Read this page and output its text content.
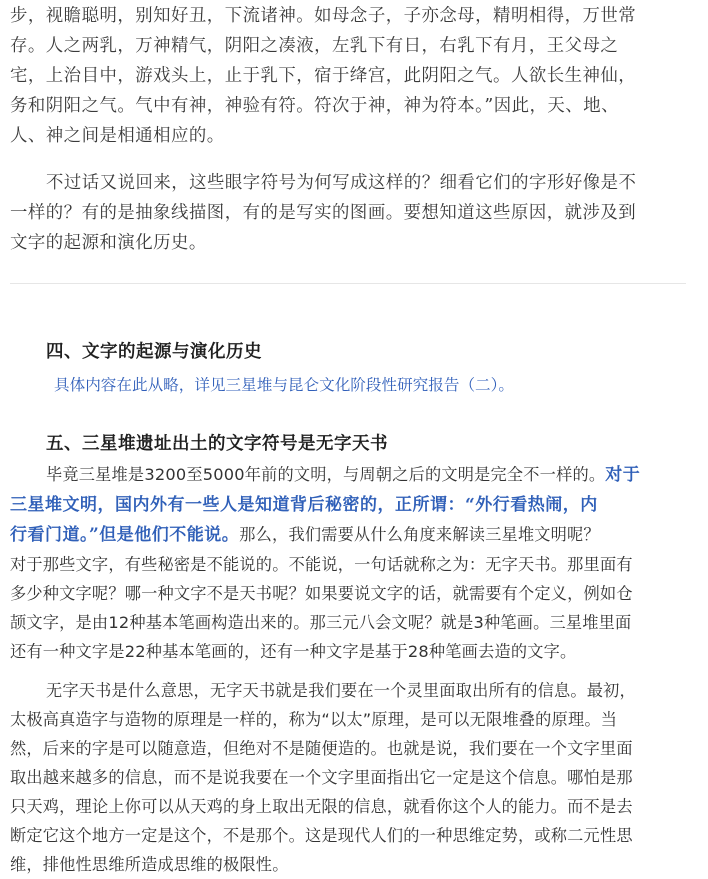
步，视瞻聪明，别知好丑，下流诸神。如母念子，子亦念母，精明相得，万世常
存。人之两乳，万神精气，阴阳之凑液，左乳下有日，右乳下有月，王父母之
宅，上治目中，游戏头上，止于乳下，宿于绛宫，此阴阳之气。人欲长生神仙，
务和阴阳之气。气中有神，神验有符。符次于神，神为符本。”因此，天、地、
人、神之间是相通相应的。
不过话又说回来，这些眼字符号为何写成这样的？细看它们的字形好像是不
一样的？有的是抽象线描图，有的是写实的图画。要想知道这些原因，就涉及到
文字的起源和演化历史。
四、文字的起源与演化历史
具体内容在此从略，详见三星堆与昆仑文化阶段性研究报告（二）。
五、三星堆遗址出土的文字符号是无字天书
毕竟三星堆是3200至5000年前的文明，与周朝之后的文明是完全不一样的。对于
三星堆文明，国内外有一些人是知道背后秘密的，正所谓：“外行看热闹，内
行看门道。”但是他们不能说。那么，我们需要从什么角度来解读三星堆文明呢？
对于那些文字，有些秘密是不能说的。不能说，一句话就称之为：无字天书。那里面有
多少种文字呢？哪一种文字不是天书呢？如果要说文字的话，就需要有个定义，例如仓
颉文字，是由12种基本笔画构造出来的。那三元八会文呢？就是3种笔画。三星堆里面
还有一种文字是22种基本笔画的，还有一种文字是基于28种笔画去造的文字。
无字天书是什么意思，无字天书就是我们要在一个灵里面取出所有的信息。最初，
太极高真造字与造物的原理是一样的，称为“以太”原理，是可以无限堆叠的原理。当
然，后来的字是可以随意造，但绝对不是随便造的。也就是说，我们要在一个文字里面
取出越来越多的信息，而不是说我要在一个文字里面指出它一定是这个信息。哪怕是那
只天鸡，理论上你可以从天鸡的身上取出无限的信息，就看你这个人的能力。而不是去
断定它这个地方一定是这个，不是那个。这是现代人们的一种思维定势，或称二元性思
维，排他性思维所造成思维的极限性。
